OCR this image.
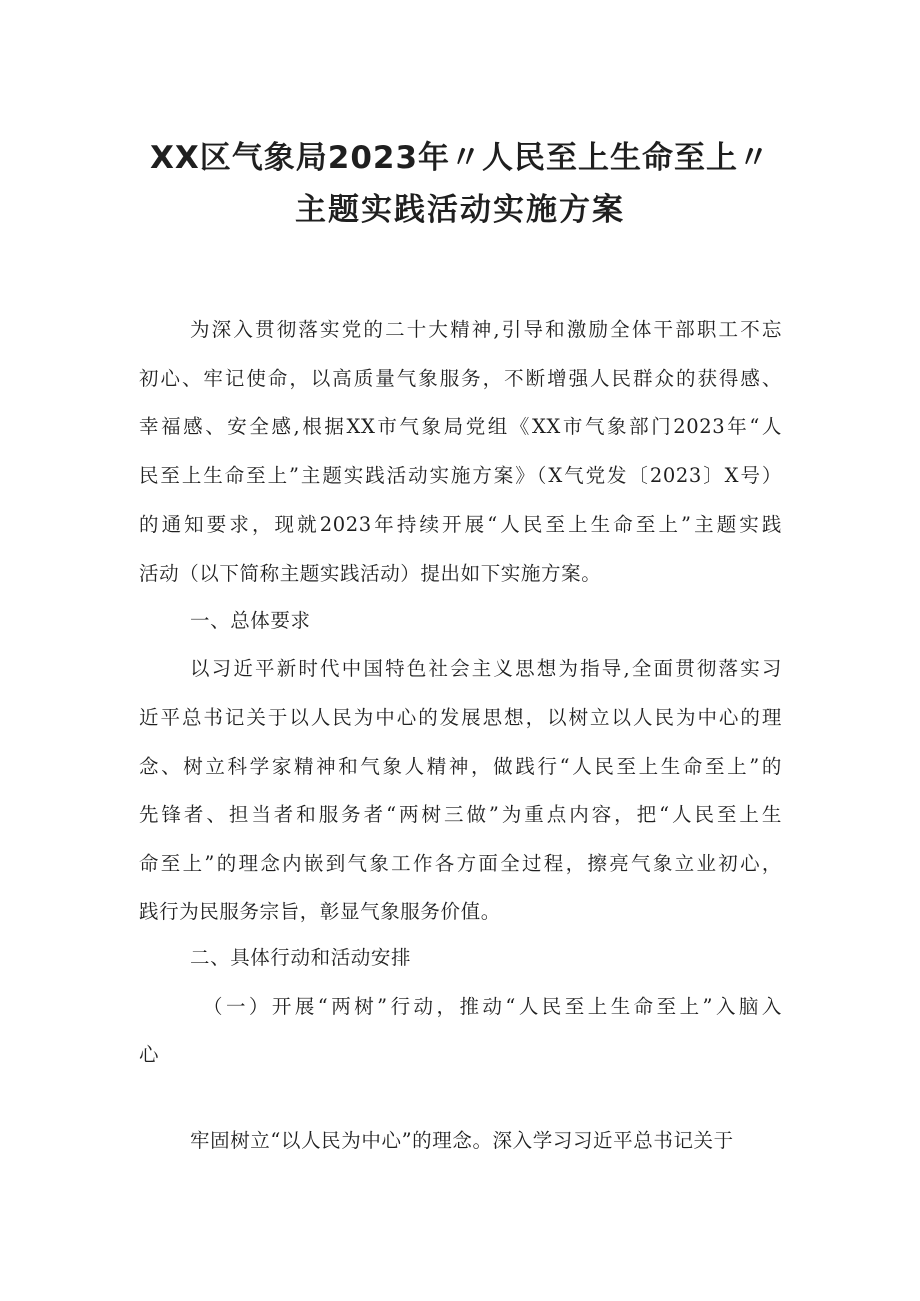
XX区气象局2023年〃人民至上生命至上〃
主题实践活动实施方案
为深入贯彻落实党的二十大精神,引导和激励全体干部职工不忘
初心、牢记使命，以高质量气象服务，不断增强人民群众的获得感、
幸福感、安全感,根据XX市气象局党组《XX市气象部门2023年“人
民至上生命至上”主题实践活动实施方案》（X气党发〔2023〕X号）
的通知要求，现就2023年持续开展“人民至上生命至上”主题实践
活动（以下简称主题实践活动）提出如下实施方案。
一、总体要求
以习近平新时代中国特色社会主义思想为指导,全面贯彻落实习
近平总书记关于以人民为中心的发展思想，以树立以人民为中心的理
念、树立科学家精神和气象人精神，做践行“人民至上生命至上”的
先锋者、担当者和服务者“两树三做”为重点内容，把“人民至上生
命至上”的理念内嵌到气象工作各方面全过程，擦亮气象立业初心，
践行为民服务宗旨，彰显气象服务价值。
二、具体行动和活动安排
（一）开展“两树”行动，推动“人民至上生命至上”入脑入
心
牢固树立“以人民为中心”的理念。深入学习习近平总书记关于
